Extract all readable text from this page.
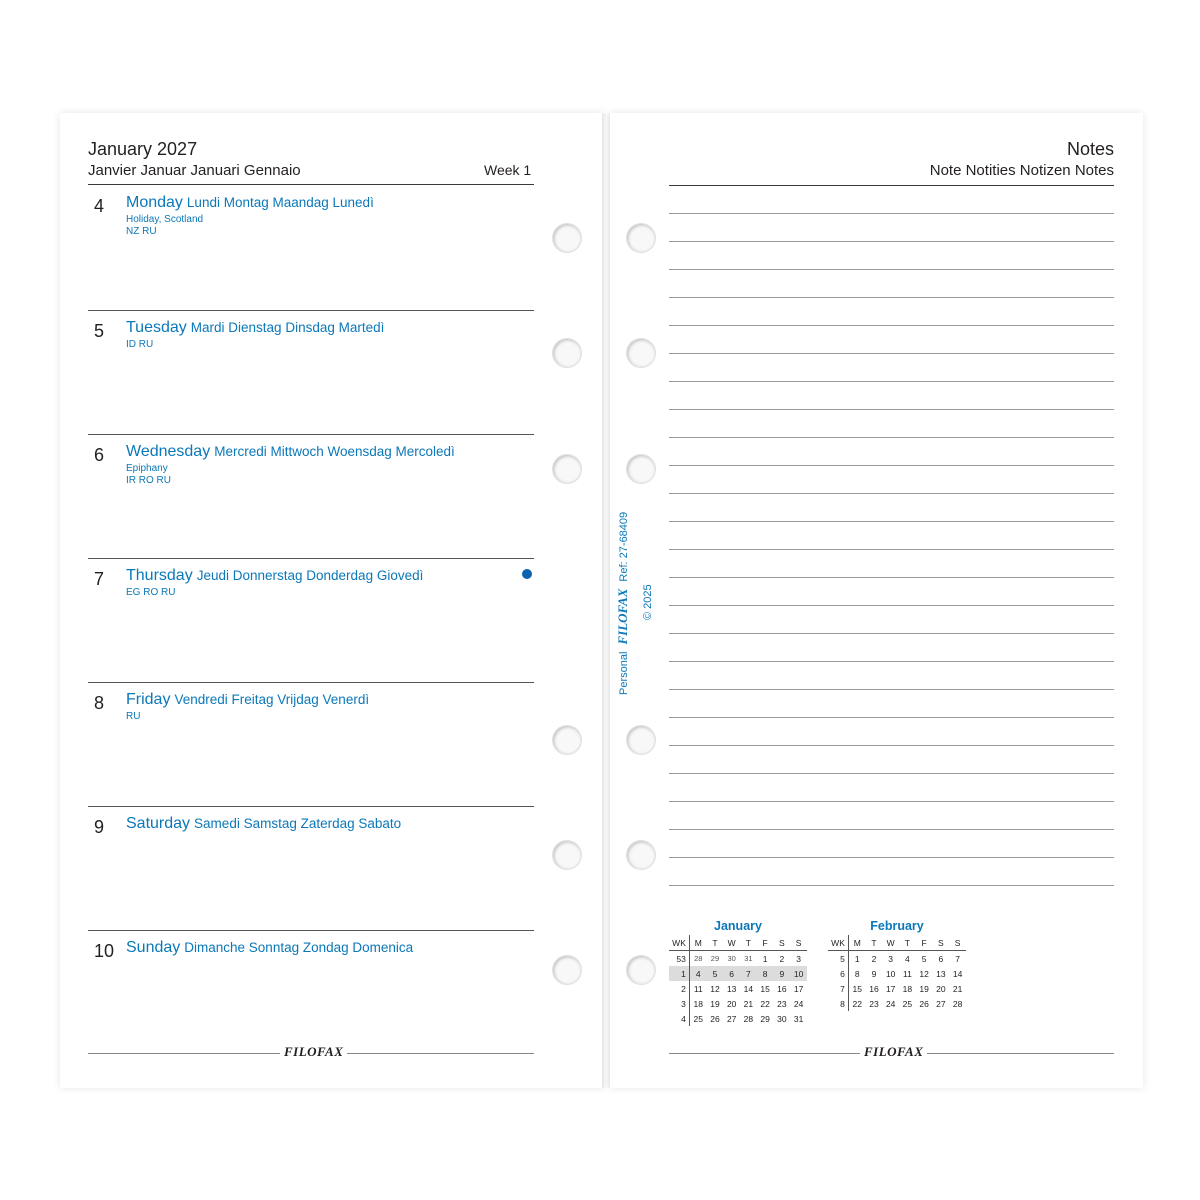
January 2027
Janvier Januar Januari Gennaio	Week 1
4 Monday Lundi Montag Maandag Lunedì
Holiday, Scotland
NZ RU
5 Tuesday Mardi Dienstag Dinsdag Martedì
ID RU
6 Wednesday Mercredi Mittwoch Woensdag Mercoledì
Epiphany
IR RO RU
7 Thursday Jeudi Donnerstag Donderdag Giovedì
EG RO RU
8 Friday Vendredi Freitag Vrijdag Venerdì
RU
9 Saturday Samedi Samstag Zaterdag Sabato
10 Sunday Dimanche Sonntag Zondag Domenica
FILOFAX
Notes
Note Notities Notizen Notes
January
WK	M	T	W	T	F	S	S
53	28	29	30	31	1	2	3
1	4	5	6	7	8	9	10
2	11	12	13	14	15	16	17
3	18	19	20	21	22	23	24
4	25	26	27	28	29	30	31
February
WK	M	T	W	T	F	S	S
5	1	2	3	4	5	6	7
6	8	9	10	11	12	13	14
7	15	16	17	18	19	20	21
8	22	23	24	25	26	27	28
FILOFAX
Personal FILOFAX Ref: 27-68409
© 2025
